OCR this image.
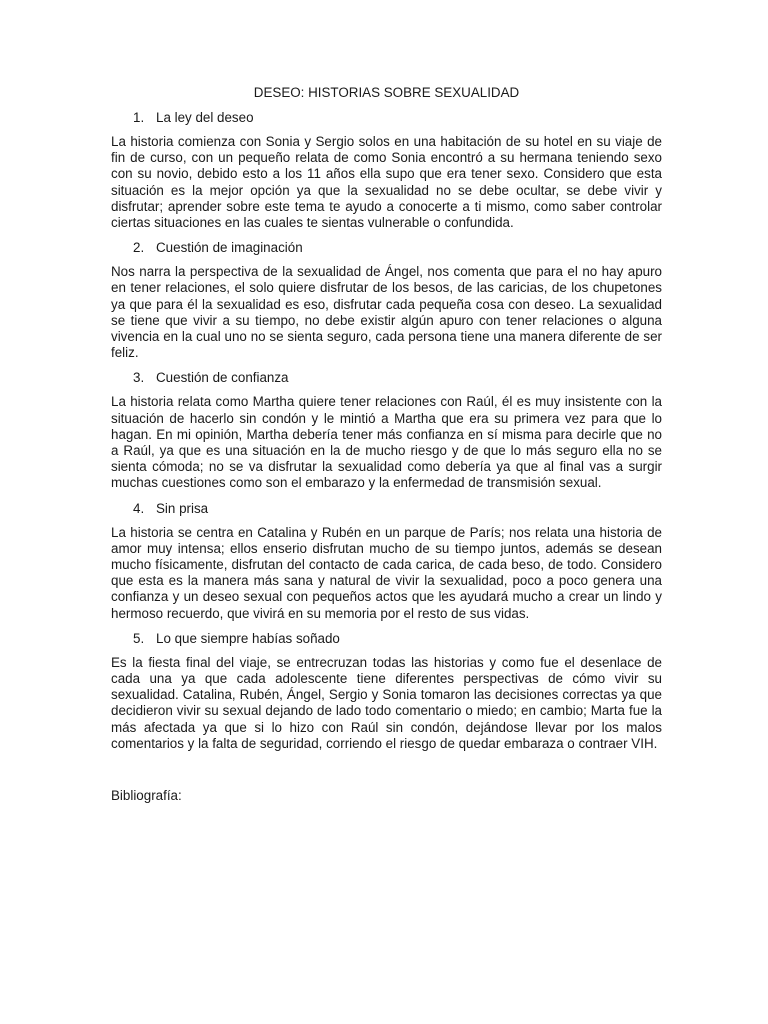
DESEO: HISTORIAS SOBRE SEXUALIDAD
1. La ley del deseo

La historia comienza con Sonia y Sergio solos en una habitación de su hotel en su viaje de fin de curso, con un pequeño relata de como Sonia encontró a su hermana teniendo sexo con su novio, debido esto a los 11 años ella supo que era tener sexo. Considero que esta situación es la mejor opción ya que la sexualidad no se debe ocultar, se debe vivir y disfrutar; aprender sobre este tema te ayudo a conocerte a ti mismo, como saber controlar ciertas situaciones en las cuales te sientas vulnerable o confundida.

2. Cuestión de imaginación

Nos narra la perspectiva de la sexualidad de Ángel, nos comenta que para el no hay apuro en tener relaciones, el solo quiere disfrutar de los besos, de las caricias, de los chupetones ya que para él la sexualidad es eso, disfrutar cada pequeña cosa con deseo. La sexualidad se tiene que vivir a su tiempo, no debe existir algún apuro con tener relaciones o alguna vivencia en la cual uno no se sienta seguro, cada persona tiene una manera diferente de ser feliz.

3. Cuestión de confianza

La historia relata como Martha quiere tener relaciones con Raúl, él es muy insistente con la situación de hacerlo sin condón y le mintió a Martha que era su primera vez para que lo hagan. En mi opinión, Martha debería tener más confianza en sí misma para decirle que no a Raúl, ya que es una situación en la de mucho riesgo y de que lo más seguro ella no se sienta cómoda; no se va disfrutar la sexualidad como debería ya que al final vas a surgir muchas cuestiones como son el embarazo y la enfermedad de transmisión sexual.

4. Sin prisa

La historia se centra en Catalina y Rubén en un parque de París; nos relata una historia de amor muy intensa; ellos enserio disfrutan mucho de su tiempo juntos, además se desean mucho físicamente, disfrutan del contacto de cada carica, de cada beso, de todo. Considero que esta es la manera más sana y natural de vivir la sexualidad, poco a poco genera una confianza y un deseo sexual con pequeños actos que les ayudará mucho a crear un lindo y hermoso recuerdo, que vivirá en su memoria por el resto de sus vidas.

5. Lo que siempre habías soñado

Es la fiesta final del viaje, se entrecruzan todas las historias y como fue el desenlace de cada una ya que cada adolescente tiene diferentes perspectivas de cómo vivir su sexualidad. Catalina, Rubén, Ángel, Sergio y Sonia tomaron las decisiones correctas ya que decidieron vivir su sexual dejando de lado todo comentario o miedo; en cambio; Marta fue la más afectada ya que si lo hizo con Raúl sin condón, dejándose llevar por los malos comentarios y la falta de seguridad, corriendo el riesgo de quedar embaraza o contraer VIH.

Bibliografía:
